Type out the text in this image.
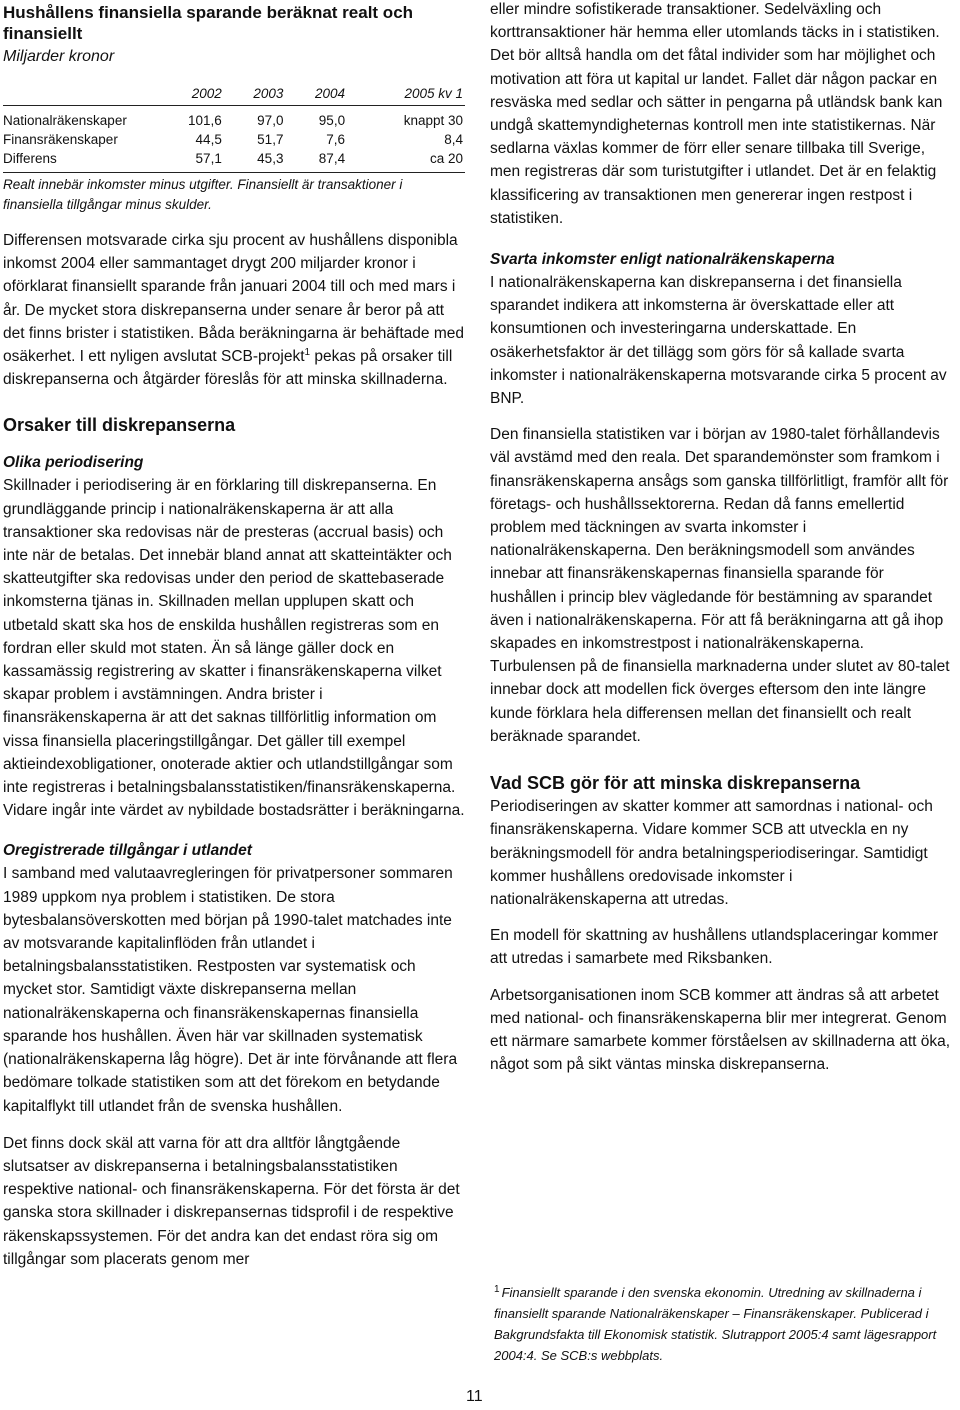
Hushållens finansiella sparande beräknat realt och finansiellt
Miljarder kronor
	2002	2003	2004	2005 kv 1
Nationalräkenskaper	101,6	97,0	95,0	knappt 30
Finansräkenskaper	44,5	51,7	7,6	8,4
Differens	57,1	45,3	87,4	ca 20
Realt innebär inkomster minus utgifter. Finansiellt är transaktioner i finansiella tillgångar minus skulder.

Differensen motsvarade cirka sju procent av hushållens disponibla inkomst 2004 eller sammantaget drygt 200 miljarder kronor i oförklarat finansiellt sparande från januari 2004 till och med mars i år. De mycket stora diskrepanserna under senare år beror på att det finns brister i statistiken. Båda beräkningarna är behäftade med osäkerhet. I ett nyligen avslutat SCB-projekt$^1$ pekas på orsaker till diskrepanserna och åtgärder föreslås för att minska skillnaderna.

Orsaker till diskrepanserna
Olika periodisering

Skillnader i periodisering är en förklaring till diskrepanserna. En grundläggande princip i nationalräkenskaperna är att alla transaktioner ska redovisas när de presteras (accrual basis) och inte när de betalas. Det innebär bland annat att skatteintäkter och skatteutgifter ska redovisas under den period de skattebaserade inkomsterna tjänas in. Skillnaden mellan upplupen skatt och utbetald skatt ska hos de enskilda hushållen registreras som en fordran eller skuld mot staten. Än så länge gäller dock en kassamässig registrering av skatter i finansräkenskaperna vilket skapar problem i avstämningen. Andra brister i finansräkenskaperna är att det saknas tillförlitlig information om vissa finansiella placeringstillgångar. Det gäller till exempel aktieindexobligationer, onoterade aktier och utlandstillgångar som inte registreras i betalningsbalansstatistiken/finansräkenskaperna. Vidare ingår inte värdet av nybildade bostadsrätter i beräkningarna.

Oregistrerade tillgångar i utlandet

I samband med valutaavregleringen för privatpersoner sommaren 1989 uppkom nya problem i statistiken. De stora bytesbalansöverskotten med början på 1990-talet matchades inte av motsvarande kapitalinflöden från utlandet i betalningsbalansstatistiken. Restposten var systematisk och mycket stor. Samtidigt växte diskrepanserna mellan nationalräkenskaperna och finansräkenskapernas finansiella sparande hos hushållen. Även här var skillnaden systematisk (nationalräkenskaperna låg högre). Det är inte förvånande att flera bedömare tolkade statistiken som att det förekom en betydande kapitalflykt till utlandet från de svenska hushållen.

Det finns dock skäl att varna för att dra alltför långtgående slutsatser av diskrepanserna i betalningsbalansstatistiken respektive national- och finansräkenskaperna. För det första är det ganska stora skillnader i diskrepansernas tidsprofil i de respektive räkenskapssystemen. För det andra kan det endast röra sig om tillgångar som placerats genom mer

eller mindre sofistikerade transaktioner. Sedelväxling och korttransaktioner här hemma eller utomlands täcks in i statistiken. Det bör alltså handla om det fåtal individer som har möjlighet och motivation att föra ut kapital ur landet. Fallet där någon packar en resväska med sedlar och sätter in pengarna på utländsk bank kan undgå skattemyndigheternas kontroll men inte statistikernas. När sedlarna växlas kommer de förr eller senare tillbaka till Sverige, men registreras där som turistutgifter i utlandet. Det är en felaktig klassificering av transaktionen men genererar ingen restpost i statistiken.

Svarta inkomster enligt nationalräkenskaperna

I nationalräkenskaperna kan diskrepanserna i det finansiella sparandet indikera att inkomsterna är överskattade eller att konsumtionen och investeringarna underskattade. En osäkerhetsfaktor är det tillägg som görs för så kallade svarta inkomster i nationalräkenskaperna motsvarande cirka 5 procent av BNP.

Den finansiella statistiken var i början av 1980-talet förhållandevis väl avstämd med den reala. Det sparandemönster som framkom i finansräkenskaperna ansågs som ganska tillförlitligt, framför allt för företags- och hushållssektorerna. Redan då fanns emellertid problem med täckningen av svarta inkomster i nationalräkenskaperna. Den beräkningsmodell som användes innebar att finansräkenskapernas finansiella sparande för hushållen i princip blev vägledande för bestämning av sparandet även i nationalräkenskaperna. För att få beräkningarna att gå ihop skapades en inkomstrestpost i nationalräkenskaperna. Turbulensen på de finansiella marknaderna under slutet av 80-talet innebar dock att modellen fick överges eftersom den inte längre kunde förklara hela differensen mellan det finansiellt och realt beräknade sparandet.

Vad SCB gör för att minska diskrepanserna

Periodiseringen av skatter kommer att samordnas i national- och finansräkenskaperna. Vidare kommer SCB att utveckla en ny beräkningsmodell för andra betalningsperiodiseringar. Samtidigt kommer hushållens oredovisade inkomster i nationalräkenskaperna att utredas.

En modell för skattning av hushållens utlandsplaceringar kommer att utredas i samarbete med Riksbanken.

Arbetsorganisationen inom SCB kommer att ändras så att arbetet med national- och finansräkenskaperna blir mer integrerat. Genom ett närmare samarbete kommer förståelsen av skillnaderna att öka, något som på sikt väntas minska diskrepanserna.

$^1$ Finansiellt sparande i den svenska ekonomin. Utredning av skillnaderna i finansiellt sparande Nationalräkenskaper – Finansräkenskaper. Publicerad i Bakgrundsfakta till Ekonomisk statistik. Slutrapport 2005:4 samt lägesrapport 2004:4. Se SCB:s webbplats.
11
